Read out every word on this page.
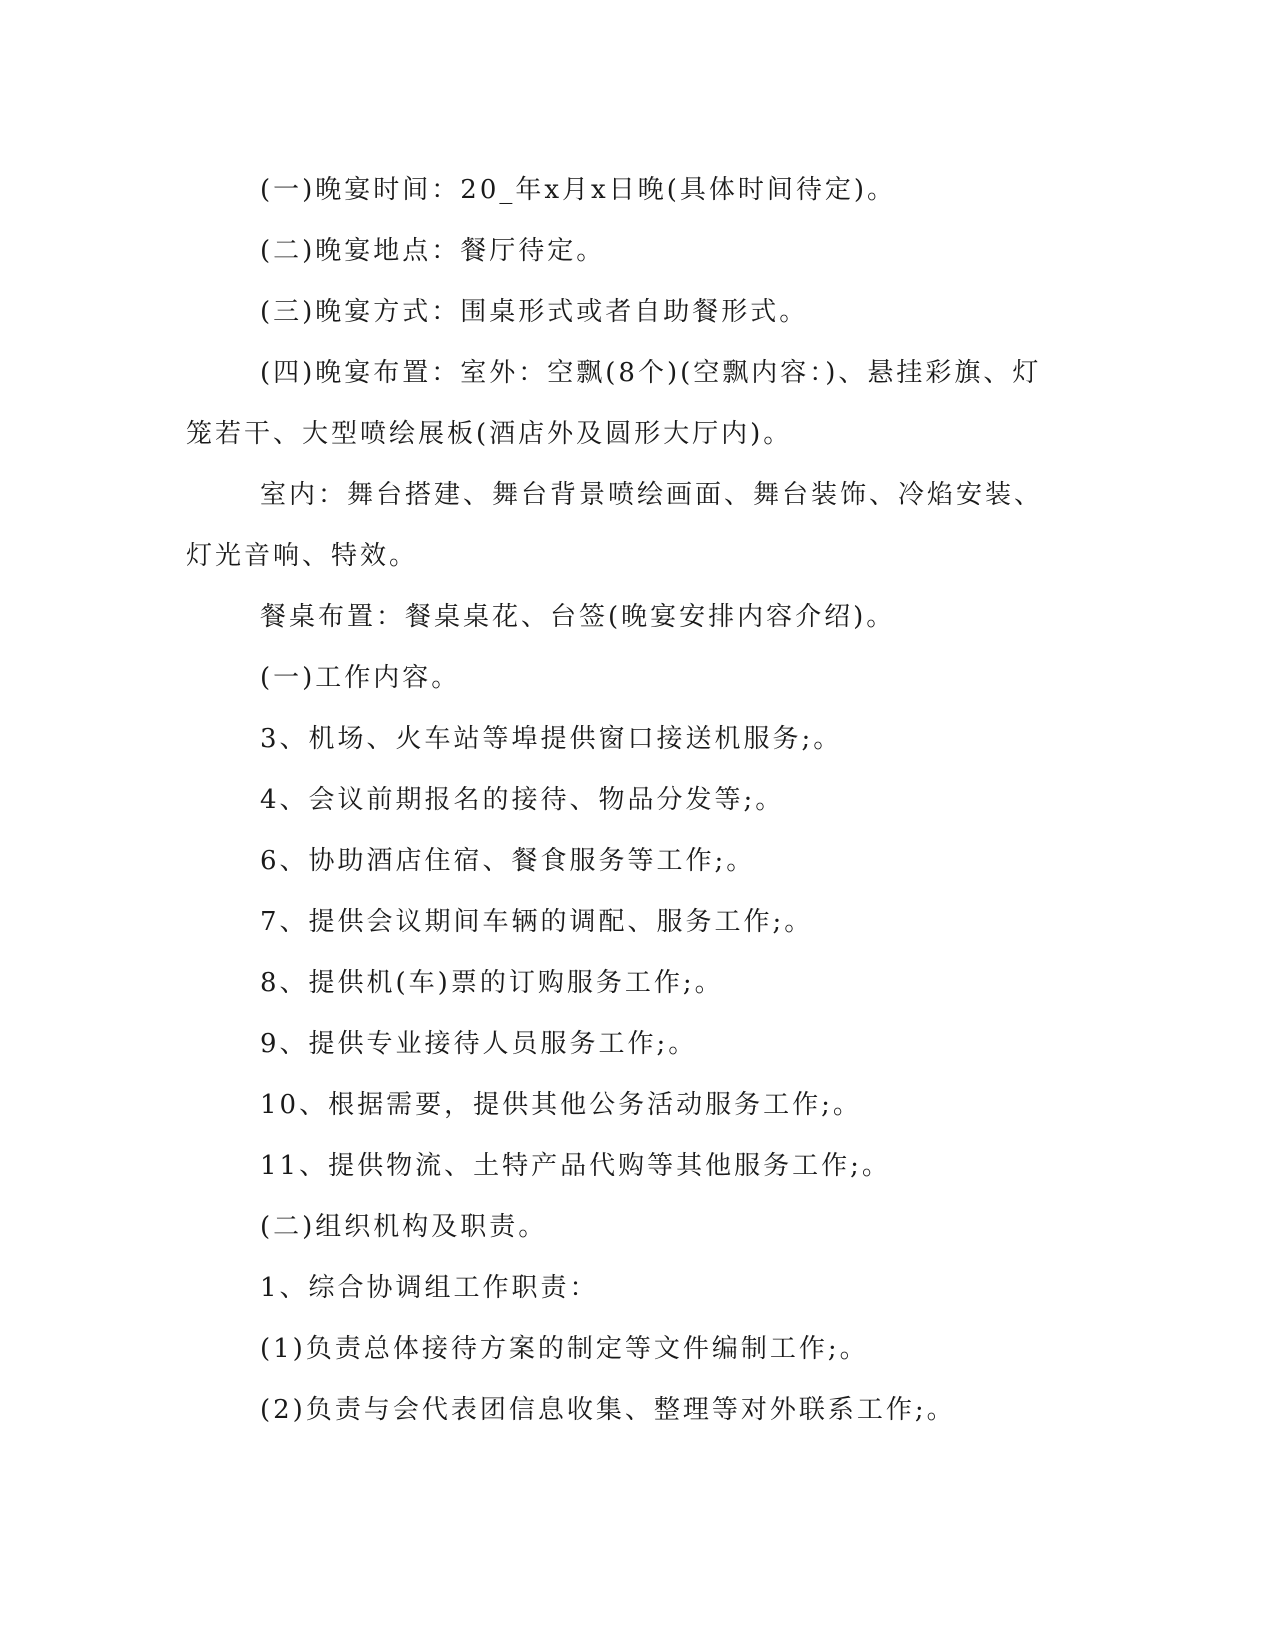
(一)晚宴时间：20_年x月x日晚(具体时间待定)。

(二)晚宴地点：餐厅待定。

(三)晚宴方式：围桌形式或者自助餐形式。

(四)晚宴布置：室外：空飘(8个)(空飘内容：)、悬挂彩旗、灯笼若干、大型喷绘展板(酒店外及圆形大厅内)。

室内：舞台搭建、舞台背景喷绘画面、舞台装饰、冷焰安装、灯光音响、特效。

餐桌布置：餐桌桌花、台签(晚宴安排内容介绍)。

(一)工作内容。

3、机场、火车站等埠提供窗口接送机服务;。

4、会议前期报名的接待、物品分发等;。

6、协助酒店住宿、餐食服务等工作;。

7、提供会议期间车辆的调配、服务工作;。

8、提供机(车)票的订购服务工作;。

9、提供专业接待人员服务工作;。

10、根据需要，提供其他公务活动服务工作;。

11、提供物流、土特产品代购等其他服务工作;。

(二)组织机构及职责。

1、综合协调组工作职责：

(1)负责总体接待方案的制定等文件编制工作;。

(2)负责与会代表团信息收集、整理等对外联系工作;。
